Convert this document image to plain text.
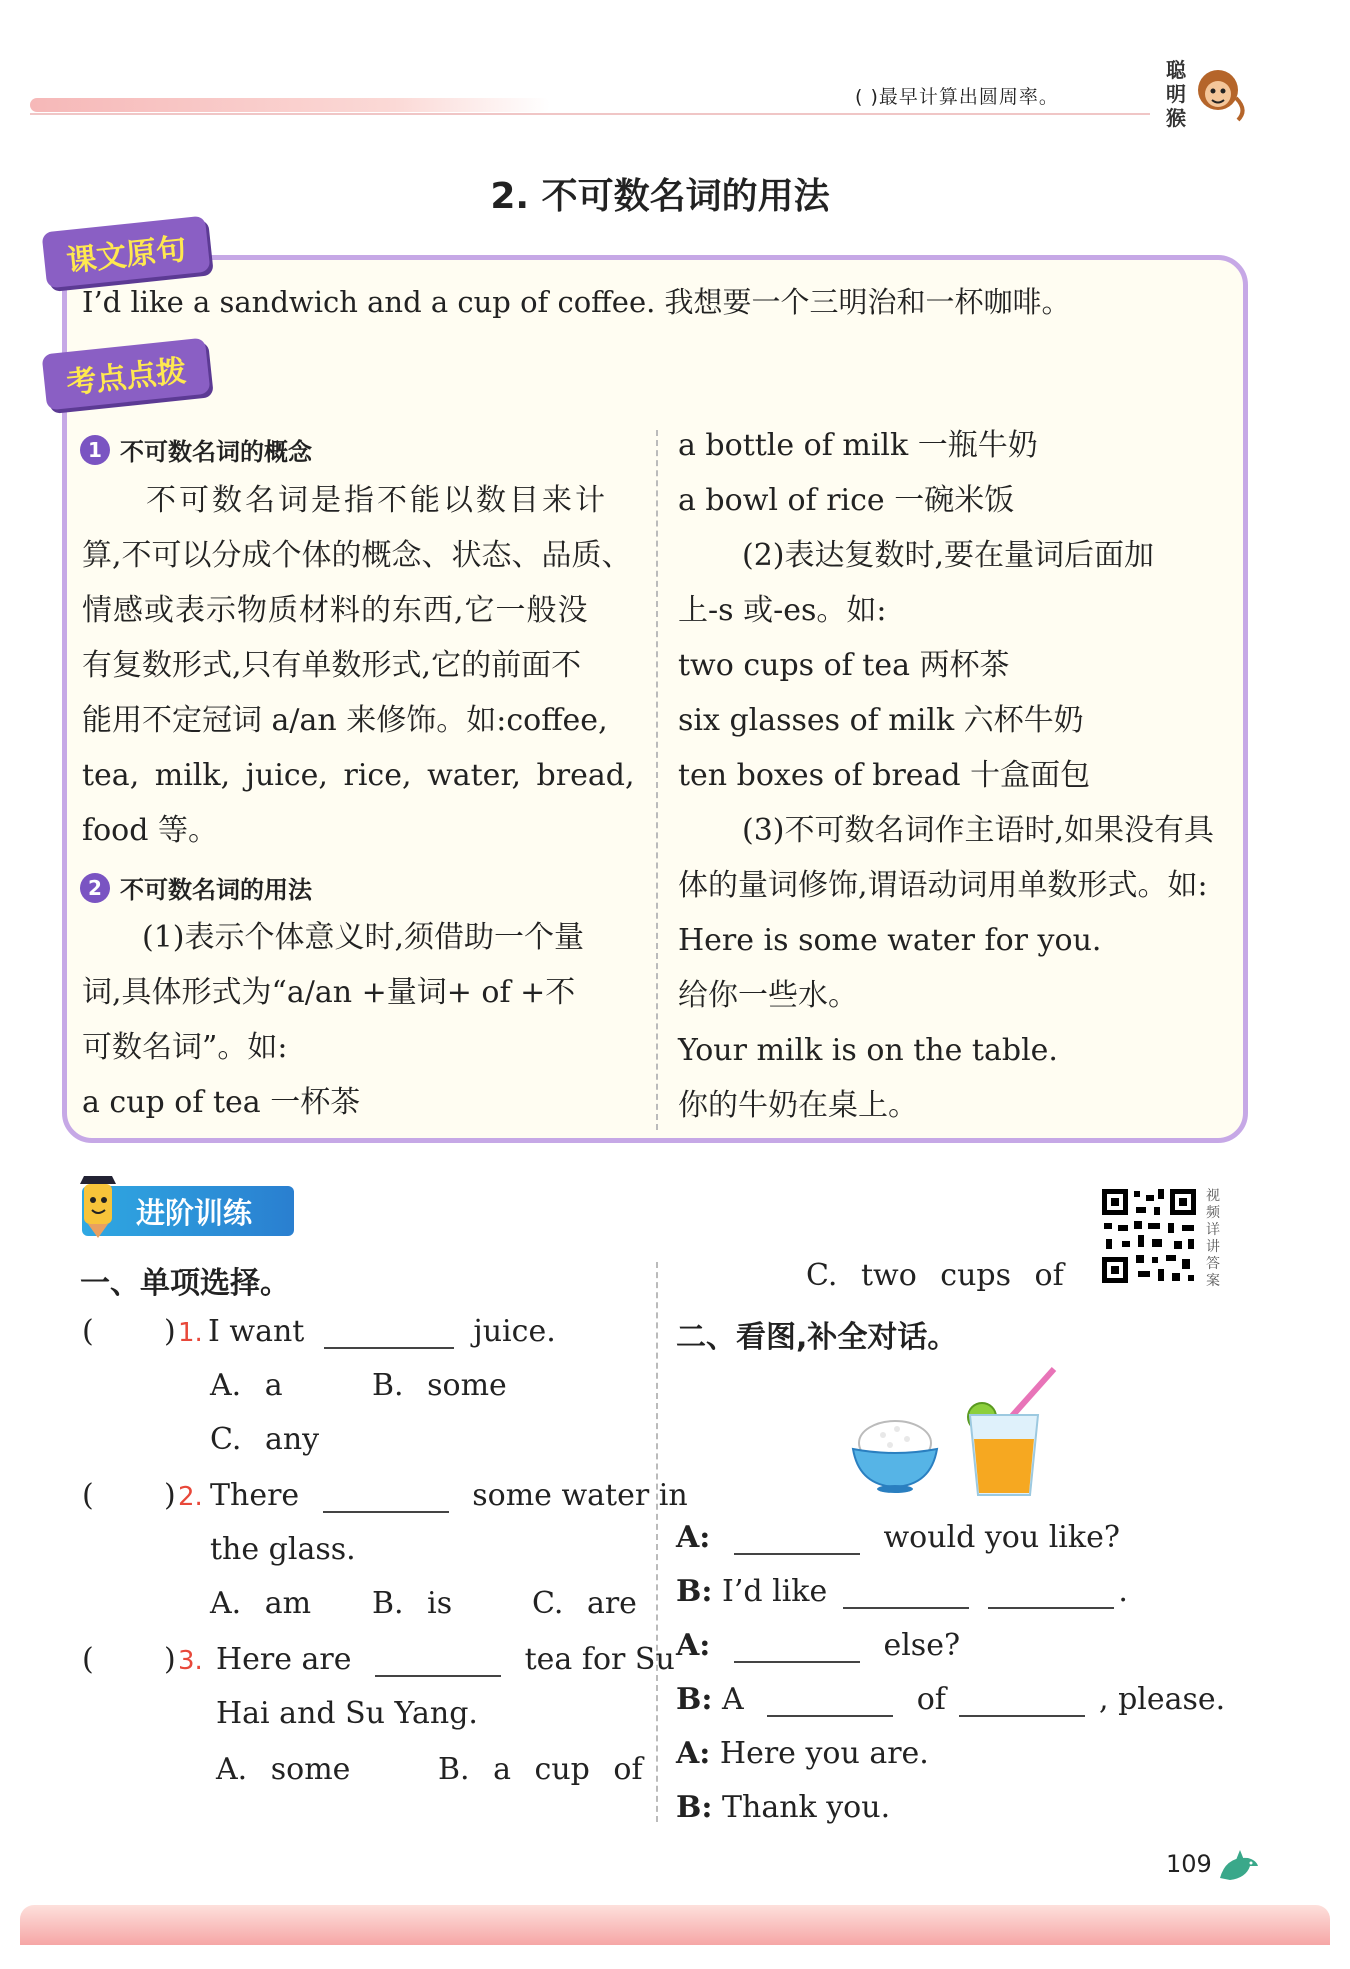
( )最早计算出圆周率。
聪明猴
2. 不可数名词的用法
课文原句
I’d like a sandwich and a cup of coffee. 我想要一个三明治和一杯咖啡。
考点点拨
1 不可数名词的概念
不可数名词是指不能以数目来计
算,不可以分成个体的概念、状态、品质、
情感或表示物质材料的东西,它一般没
有复数形式,只有单数形式,它的前面不
能用不定冠词 a/an 来修饰。如:coffee,
tea, milk, juice, rice, water, bread,
food 等。
2 不可数名词的用法
(1)表示个体意义时,须借助一个量
词,具体形式为“a/an +量词+ of +不
可数名词”。如:
a cup of tea 一杯茶
a bottle of milk 一瓶牛奶
a bowl of rice 一碗米饭
(2)表达复数时,要在量词后面加
上-s 或-es。如:
two cups of tea 两杯茶
six glasses of milk 六杯牛奶
ten boxes of bread 十盒面包
(3)不可数名词作主语时,如果没有具
体的量词修饰,谓语动词用单数形式。如:
Here is some water for you.
给你一些水。
Your milk is on the table.
你的牛奶在桌上。
进阶训练	视频详讲答案
一、单项选择。
( ) 1. I want	juice.
A. a	B. some
C. any
( ) 2. There	some water in
the glass.
A. am B. is	C. are
( ) 3. Here are	tea for Su
Hai and Su Yang.
A. some	B. a cup of
C. two cups of
二、看图,补全对话。
A:	would you like?
B: I’d like	.
A:	else?
B: A	of	, please.
A: Here you are.
B: Thank you.
109
